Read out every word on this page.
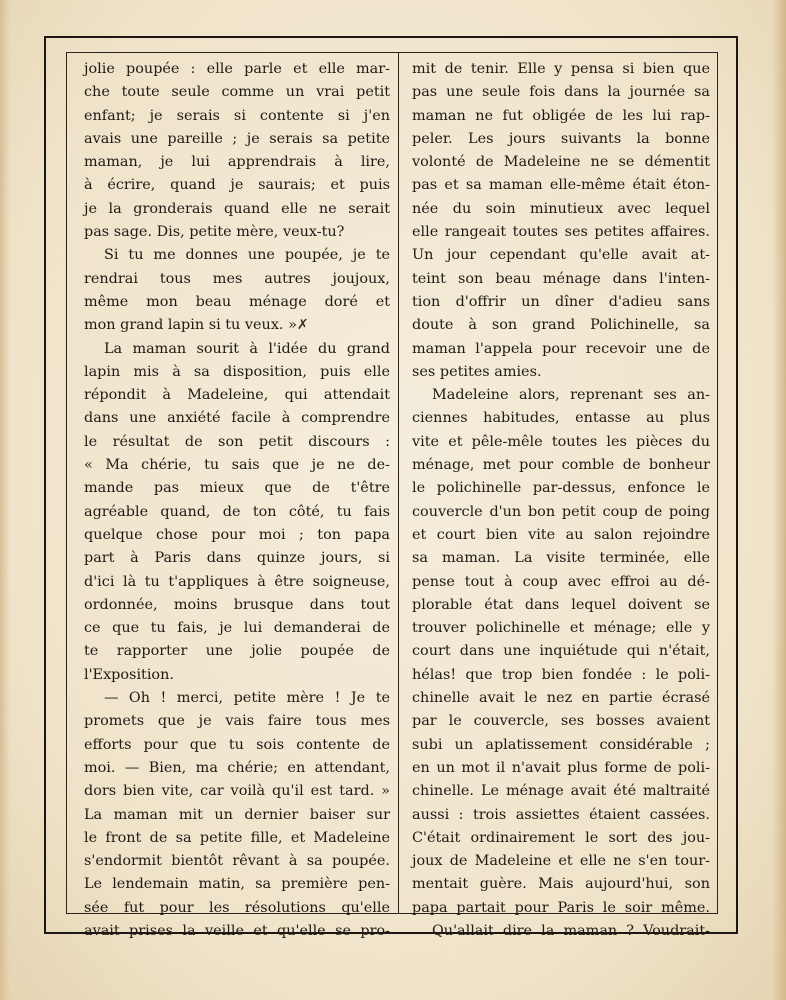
jolie poupée : elle parle et elle mar-
che toute seule comme un vrai petit
enfant; je serais si contente si j'en
avais une pareille ; je serais sa petite
maman, je lui apprendrais à lire,
à écrire, quand je saurais; et puis
je la gronderais quand elle ne serait
pas sage. Dis, petite mère, veux-tu?
Si tu me donnes une poupée, je te
rendrai tous mes autres joujoux,
même mon beau ménage doré et
mon grand lapin si tu veux. »✗
La maman sourit à l'idée du grand
lapin mis à sa disposition, puis elle
répondit à Madeleine, qui attendait
dans une anxiété facile à comprendre
le résultat de son petit discours :
« Ma chérie, tu sais que je ne de-
mande pas mieux que de t'être
agréable quand, de ton côté, tu fais
quelque chose pour moi ; ton papa
part à Paris dans quinze jours, si
d'ici là tu t'appliques à être soigneuse,
ordonnée, moins brusque dans tout
ce que tu fais, je lui demanderai de
te rapporter une jolie poupée de
l'Exposition.
— Oh ! merci, petite mère ! Je te
promets que je vais faire tous mes
efforts pour que tu sois contente de
moi. — Bien, ma chérie; en attendant,
dors bien vite, car voilà qu'il est tard. »
La maman mit un dernier baiser sur
le front de sa petite fille, et Madeleine
s'endormit bientôt rêvant à sa poupée.
Le lendemain matin, sa première pen-
sée fut pour les résolutions qu'elle
avait prises la veille et qu'elle se pro-
mit de tenir. Elle y pensa si bien que
pas une seule fois dans la journée sa
maman ne fut obligée de les lui rap-
peler. Les jours suivants la bonne
volonté de Madeleine ne se démentit
pas et sa maman elle-même était éton-
née du soin minutieux avec lequel
elle rangeait toutes ses petites affaires.
Un jour cependant qu'elle avait at-
teint son beau ménage dans l'inten-
tion d'offrir un dîner d'adieu sans
doute à son grand Polichinelle, sa
maman l'appela pour recevoir une de
ses petites amies.
Madeleine alors, reprenant ses an-
ciennes habitudes, entasse au plus
vite et pêle-mêle toutes les pièces du
ménage, met pour comble de bonheur
le polichinelle par-dessus, enfonce le
couvercle d'un bon petit coup de poing
et court bien vite au salon rejoindre
sa maman. La visite terminée, elle
pense tout à coup avec effroi au dé-
plorable état dans lequel doivent se
trouver polichinelle et ménage; elle y
court dans une inquiétude qui n'était,
hélas! que trop bien fondée : le poli-
chinelle avait le nez en partie écrasé
par le couvercle, ses bosses avaient
subi un aplatissement considérable ;
en un mot il n'avait plus forme de poli-
chinelle. Le ménage avait été maltraité
aussi : trois assiettes étaient cassées.
C'était ordinairement le sort des jou-
joux de Madeleine et elle ne s'en tour-
mentait guère. Mais aujourd'hui, son
papa partait pour Paris le soir même.
Qu'allait dire la maman ? Voudrait-
